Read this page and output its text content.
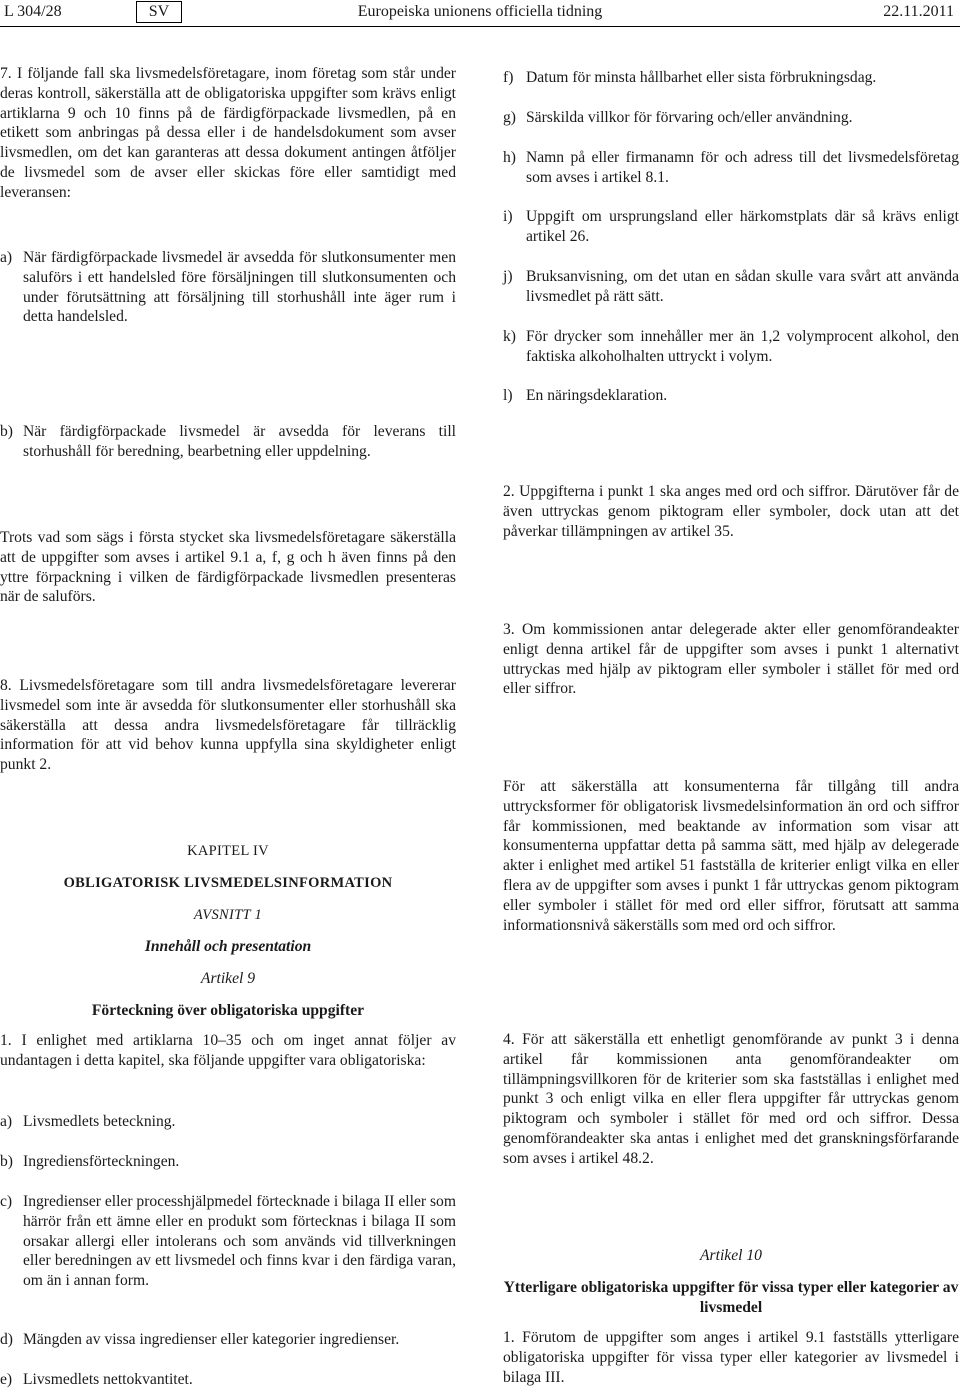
L 304/28	SV	Europeiska unionens officiella tidning	22.11.2011

7. I följande fall ska livsmedelsföretagare, inom företag som står under deras kontroll, säkerställa att de obligatoriska uppgifter som krävs enligt artiklarna 9 och 10 finns på de färdigförpackade livsmedlen, på en etikett som anbringas på dessa eller i de handelsdokument som avser livsmedlen, om det kan garanteras att dessa dokument antingen åtföljer de livsmedel som de avser eller skickas före eller samtidigt med leveransen:

a) När färdigförpackade livsmedel är avsedda för slutkonsumenter men saluförs i ett handelsled före försäljningen till slutkonsumenten och under förutsättning att försäljning till storhushåll inte äger rum i detta handelsled.
b) När färdigförpackade livsmedel är avsedda för leverans till storhushåll för beredning, bearbetning eller uppdelning.

Trots vad som sägs i första stycket ska livsmedelsföretagare säkerställa att de uppgifter som avses i artikel 9.1 a, f, g och h även finns på den yttre förpackning i vilken de färdigförpackade livsmedlen presenteras när de saluförs.

8. Livsmedelsföretagare som till andra livsmedelsföretagare levererar livsmedel som inte är avsedda för slutkonsumenter eller storhushåll ska säkerställa att dessa andra livsmedelsföretagare får tillräcklig information för att vid behov kunna uppfylla sina skyldigheter enligt punkt 2.

KAPITEL IV
OBLIGATORISK LIVSMEDELSINFORMATION
AVSNITT 1
Innehåll och presentation
Artikel 9
Förteckning över obligatoriska uppgifter

1. I enlighet med artiklarna 10–35 och om inget annat följer av undantagen i detta kapitel, ska följande uppgifter vara obligatoriska:

a) Livsmedlets beteckning.
b) Ingrediensförteckningen.
c) Ingredienser eller processhjälpmedel förtecknade i bilaga II eller som härrör från ett ämne eller en produkt som förtecknas i bilaga II som orsakar allergi eller intolerans och som används vid tillverkningen eller beredningen av ett livsmedel och finns kvar i den färdiga varan, om än i annan form.
d) Mängden av vissa ingredienser eller kategorier ingredienser.
e) Livsmedlets nettokvantitet.
f) Datum för minsta hållbarhet eller sista förbrukningsdag.
g) Särskilda villkor för förvaring och/eller användning.
h) Namn på eller firmanamn för och adress till det livsmedelsföretag som avses i artikel 8.1.
i) Uppgift om ursprungsland eller härkomstplats där så krävs enligt artikel 26.
j) Bruksanvisning, om det utan en sådan skulle vara svårt att använda livsmedlet på rätt sätt.
k) För drycker som innehåller mer än 1,2 volymprocent alkohol, den faktiska alkoholhalten uttryckt i volym.
l) En näringsdeklaration.

2. Uppgifterna i punkt 1 ska anges med ord och siffror. Därutöver får de även uttryckas genom piktogram eller symboler, dock utan att det påverkar tillämpningen av artikel 35.

3. Om kommissionen antar delegerade akter eller genomförandeakter enligt denna artikel får de uppgifter som avses i punkt 1 alternativt uttryckas med hjälp av piktogram eller symboler i stället för med ord eller siffror.

För att säkerställa att konsumenterna får tillgång till andra uttrycksformer för obligatorisk livsmedelsinformation än ord och siffror får kommissionen, med beaktande av information som visar att konsumenterna uppfattar detta på samma sätt, med hjälp av delegerade akter i enlighet med artikel 51 fastställa de kriterier enligt vilka en eller flera av de uppgifter som avses i punkt 1 får uttryckas genom piktogram eller symboler i stället för med ord eller siffror, förutsatt att samma informationsnivå säkerställs som med ord och siffror.

4. För att säkerställa ett enhetligt genomförande av punkt 3 i denna artikel får kommissionen anta genomförandeakter om tillämpningsvillkoren för de kriterier som ska fastställas i enlighet med punkt 3 och enligt vilka en eller flera uppgifter får uttryckas genom piktogram och symboler i stället för med ord och siffror. Dessa genomförandeakter ska antas i enlighet med det granskningsförfarande som avses i artikel 48.2.

Artikel 10
Ytterligare obligatoriska uppgifter för vissa typer eller kategorier av livsmedel

1. Förutom de uppgifter som anges i artikel 9.1 fastställs ytterligare obligatoriska uppgifter för vissa typer eller kategorier av livsmedel i bilaga III.
